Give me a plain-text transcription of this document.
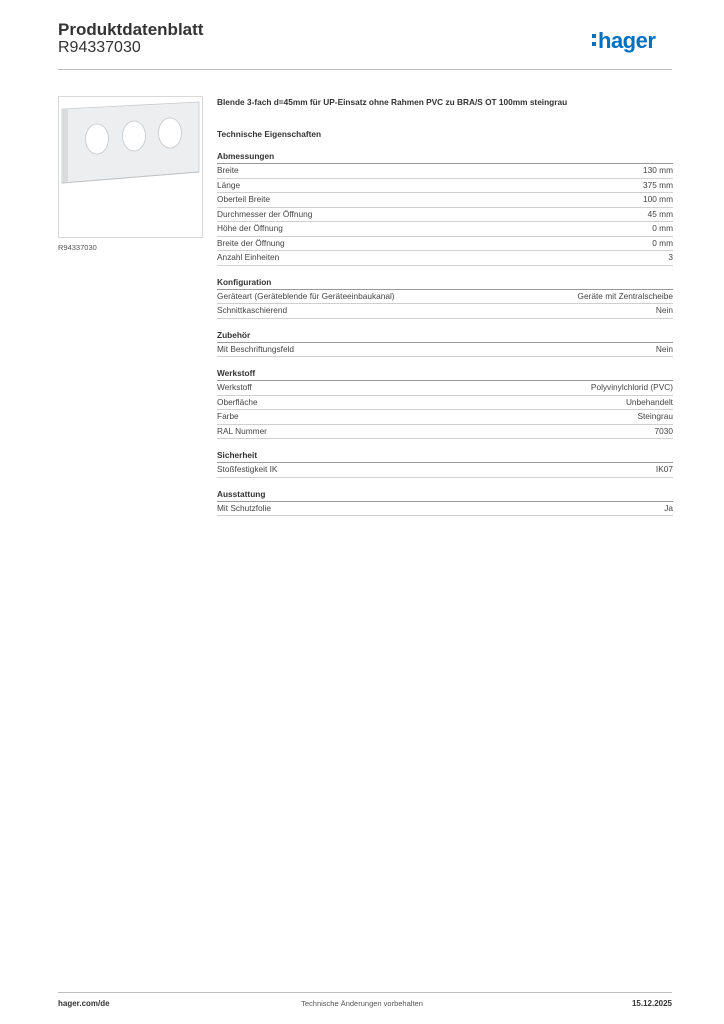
Produktdatenblatt
R94337030	hager
R94337030
Blende 3-fach d=45mm für UP-Einsatz ohne Rahmen PVC zu BRA/S OT 100mm steingrau
Technische Eigenschaften
Abmessungen
Breite	130 mm
Länge	375 mm
Oberteil Breite	100 mm
Durchmesser der Öffnung	45 mm
Höhe der Öffnung	0 mm
Breite der Öffnung	0 mm
Anzahl Einheiten	3
Konfiguration
Geräteart (Geräteblende für Geräteeinbaukanal)	Geräte mit Zentralscheibe
Schnittkaschierend	Nein
Zubehör
Mit Beschriftungsfeld	Nein
Werkstoff
Werkstoff	Polyvinylchlorid (PVC)
Oberfläche	Unbehandelt
Farbe	Steingrau
RAL Nummer	7030
Sicherheit
Stoßfestigkeit IK	IK07
Ausstattung
Mit Schutzfolie	Ja
hager.com/de	Technische Änderungen vorbehalten	15.12.2025
